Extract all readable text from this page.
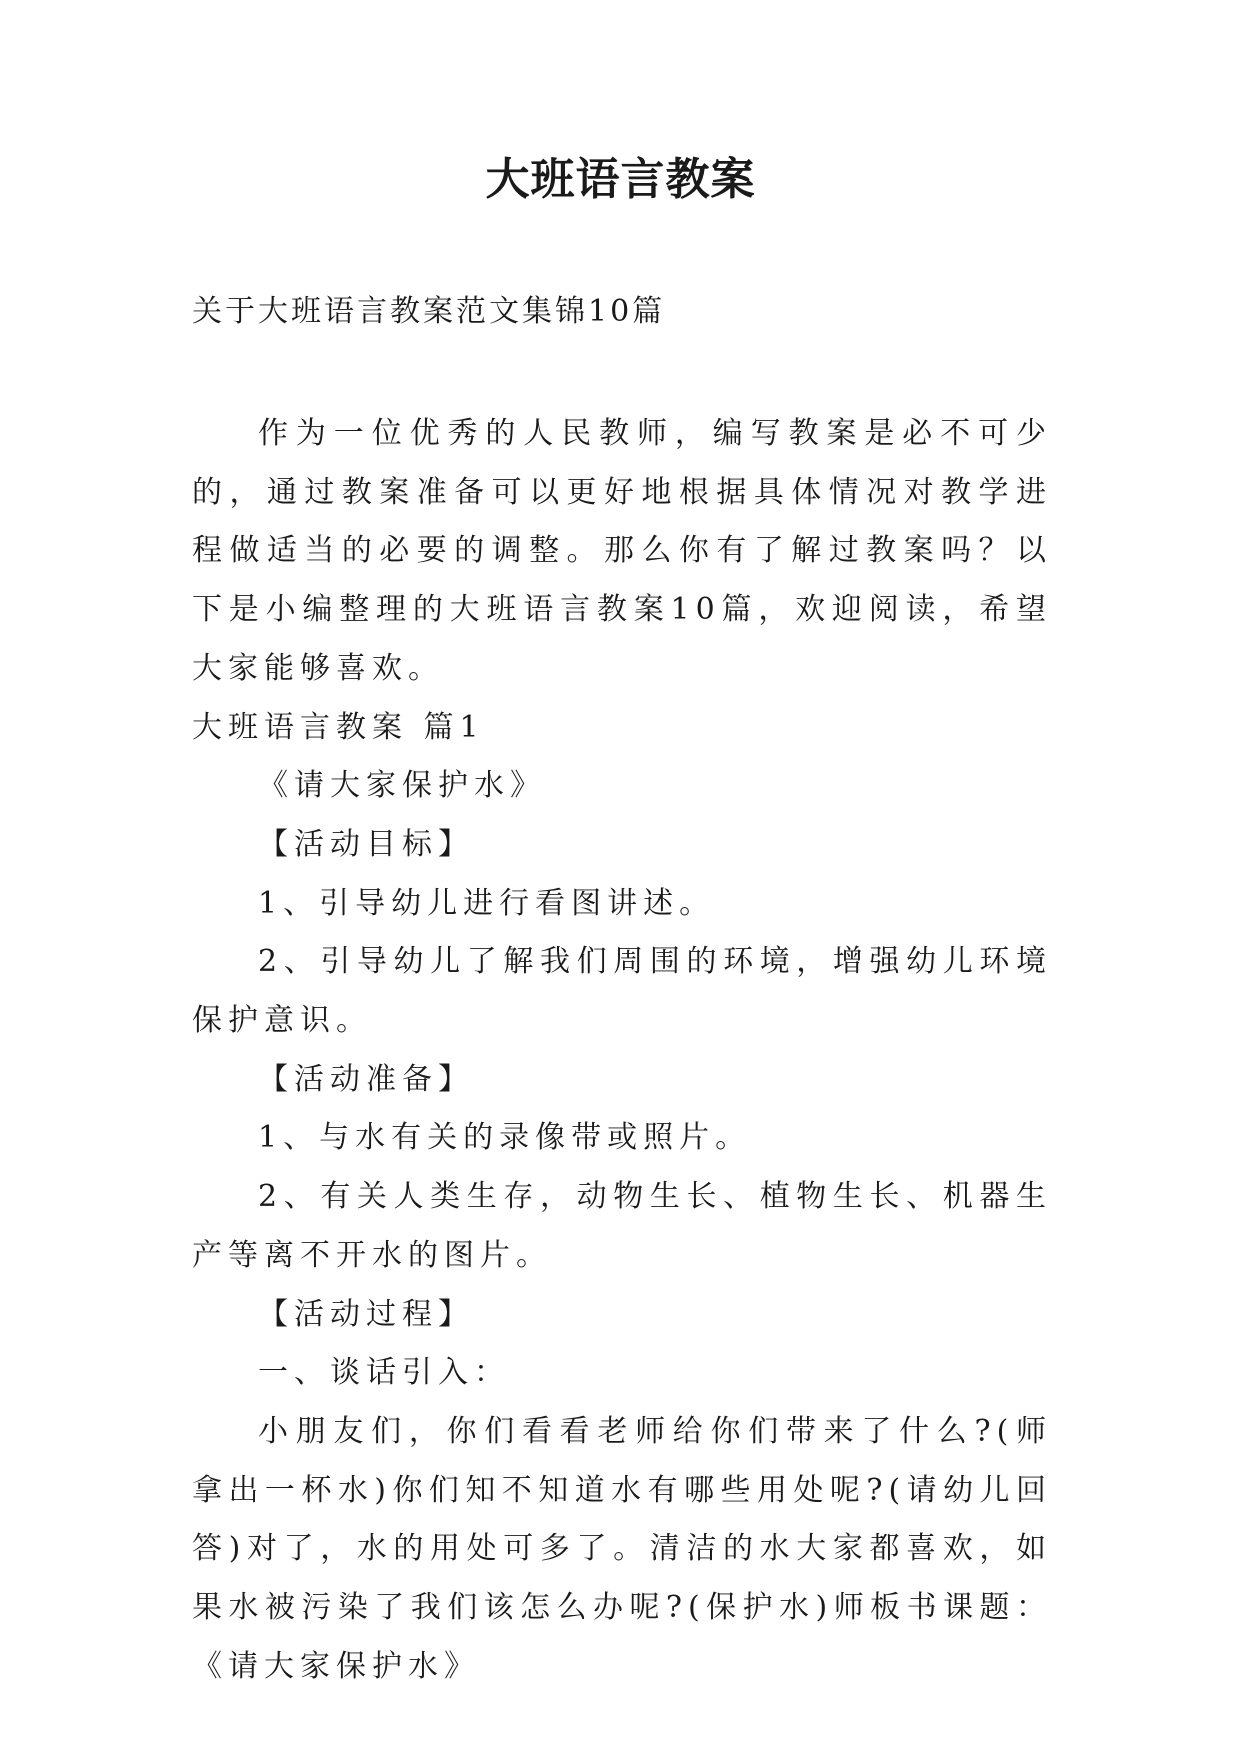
大班语言教案
关于大班语言教案范文集锦10篇

作为一位优秀的人民教师，编写教案是必不可少的，通过教案准备可以更好地根据具体情况对教学进程做适当的必要的调整。那么你有了解过教案吗？以下是小编整理的大班语言教案10篇，欢迎阅读，希望大家能够喜欢。

大班语言教案 篇1

《请大家保护水》

【活动目标】

1、引导幼儿进行看图讲述。

2、引导幼儿了解我们周围的环境，增强幼儿环境保护意识。

【活动准备】

1、与水有关的录像带或照片。

2、有关人类生存，动物生长、植物生长、机器生产等离不开水的图片。

【活动过程】

一、谈话引入：

小朋友们，你们看看老师给你们带来了什么?(师拿出一杯水)你们知不知道水有哪些用处呢?(请幼儿回答)对了，水的用处可多了。清洁的水大家都喜欢，如果水被污染了我们该怎么办呢?(保护水)师板书课题：《请大家保护水》
